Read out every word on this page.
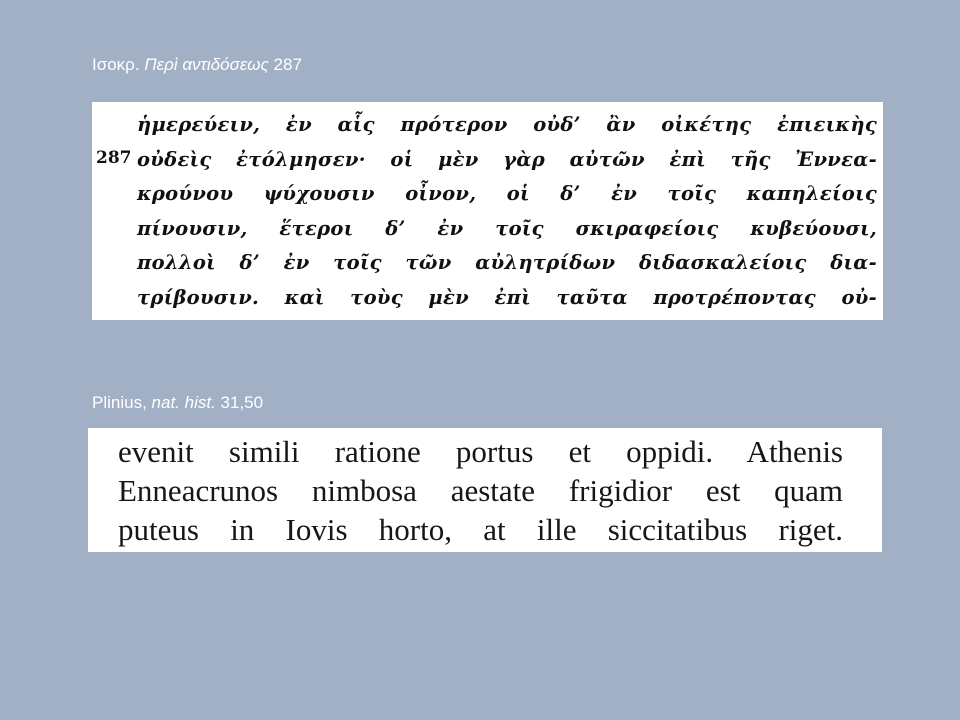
Ισοκρ. Περὶ αντιδόσεως 287
287
ἡμερεύειν, ἐν αἷς πρότερον οὐδ’ ἂν οἰκέτης ἐπιεικὴς
οὐδεὶς ἐτόλμησεν· οἱ μὲν γὰρ αὐτῶν ἐπὶ τῆς Ἐννεα-
κρούνου ψύχουσιν οἶνον, οἱ δ’ ἐν τοῖς καπηλείοις
πίνουσιν, ἕτεροι δ’ ἐν τοῖς σκιραφείοις κυβεύουσι,
πολλοὶ δ’ ἐν τοῖς τῶν αὐλητρίδων διδασκαλείοις δια-
τρίβουσιν. καὶ τοὺς μὲν ἐπὶ ταῦτα προτρέποντας οὐ-
Plinius, nat. hist. 31,50
evenit simili ratione portus et oppidi. Athenis
Enneacrunos nimbosa aestate frigidior est quam
puteus in Iovis horto, at ille siccitatibus riget.
